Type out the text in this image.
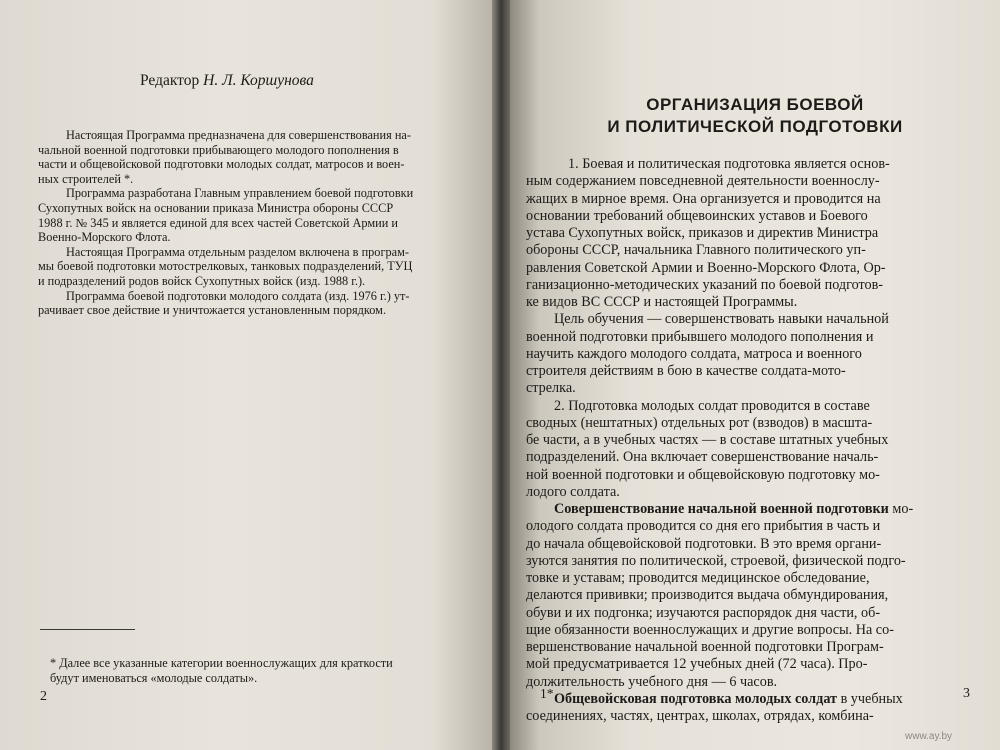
Редактор Н. Л. Коршунова

Настоящая Программа предназначена для совершенствования на-

чальной военной подготовки прибывающего молодого пополнения в

части и общевойсковой подготовки молодых солдат, матросов и воен-

ных строителей *.

Программа разработана Главным управлением боевой подготовки

Сухопутных войск на основании приказа Министра обороны СССР

1988 г. № 345 и является единой для всех частей Советской Армии и

Военно-Морского Флота.

Настоящая Программа отдельным разделом включена в програм-

мы боевой подготовки мотострелковых, танковых подразделений, ТУЦ

и подразделений родов войск Сухопутных войск (изд. 1988 г.).

Программа боевой подготовки молодого солдата (изд. 1976 г.) ут-

рачивает свое действие и уничтожается установленным порядком.

* Далее все указанные категории военнослужащих для краткости

будут именоваться «молодые солдаты».

2

ОРГАНИЗАЦИЯ БОЕВОЙ
И ПОЛИТИЧЕСКОЙ ПОДГОТОВКИ

1. Боевая и политическая подготовка является основ-

ным содержанием повседневной деятельности военнослу-

жащих в мирное время. Она организуется и проводится на

основании требований общевоинских уставов и Боевого

устава Сухопутных войск, приказов и директив Министра

обороны СССР, начальника Главного политического уп-

равления Советской Армии и Военно-Морского Флота, Ор-

ганизационно-методических указаний по боевой подготов-

ке видов ВС СССР и настоящей Программы.

Цель обучения — совершенствовать навыки начальной

военной подготовки прибывшего молодого пополнения и

научить каждого молодого солдата, матроса и военного

строителя действиям в бою в качестве солдата-мото-

стрелка.

2. Подготовка молодых солдат проводится в составе

сводных (нештатных) отдельных рот (взводов) в масшта-

бе части, а в учебных частях — в составе штатных учебных

подразделений. Она включает совершенствование началь-

ной военной подготовки и общевойсковую подготовку мо-

лодого солдата.

Совершенствование начальной военной подготовки мо-

олодого солдата проводится со дня его прибытия в часть и

до начала общевойсковой подготовки. В это время органи-

зуются занятия по политической, строевой, физической подго-

товке и уставам; проводится медицинское обследование,

делаются прививки; производится выдача обмундирования,

обуви и их подгонка; изучаются распорядок дня части, об-

щие обязанности военнослужащих и другие вопросы. На со-

вершенствование начальной военной подготовки Програм-

мой предусматривается 12 учебных дней (72 часа). Про-

должительность учебного дня — 6 часов.

Общевойсковая подготовка молодых солдат в учебных

соединениях, частях, центрах, школах, отрядах, комбина-

1*	3

www.ay.by
